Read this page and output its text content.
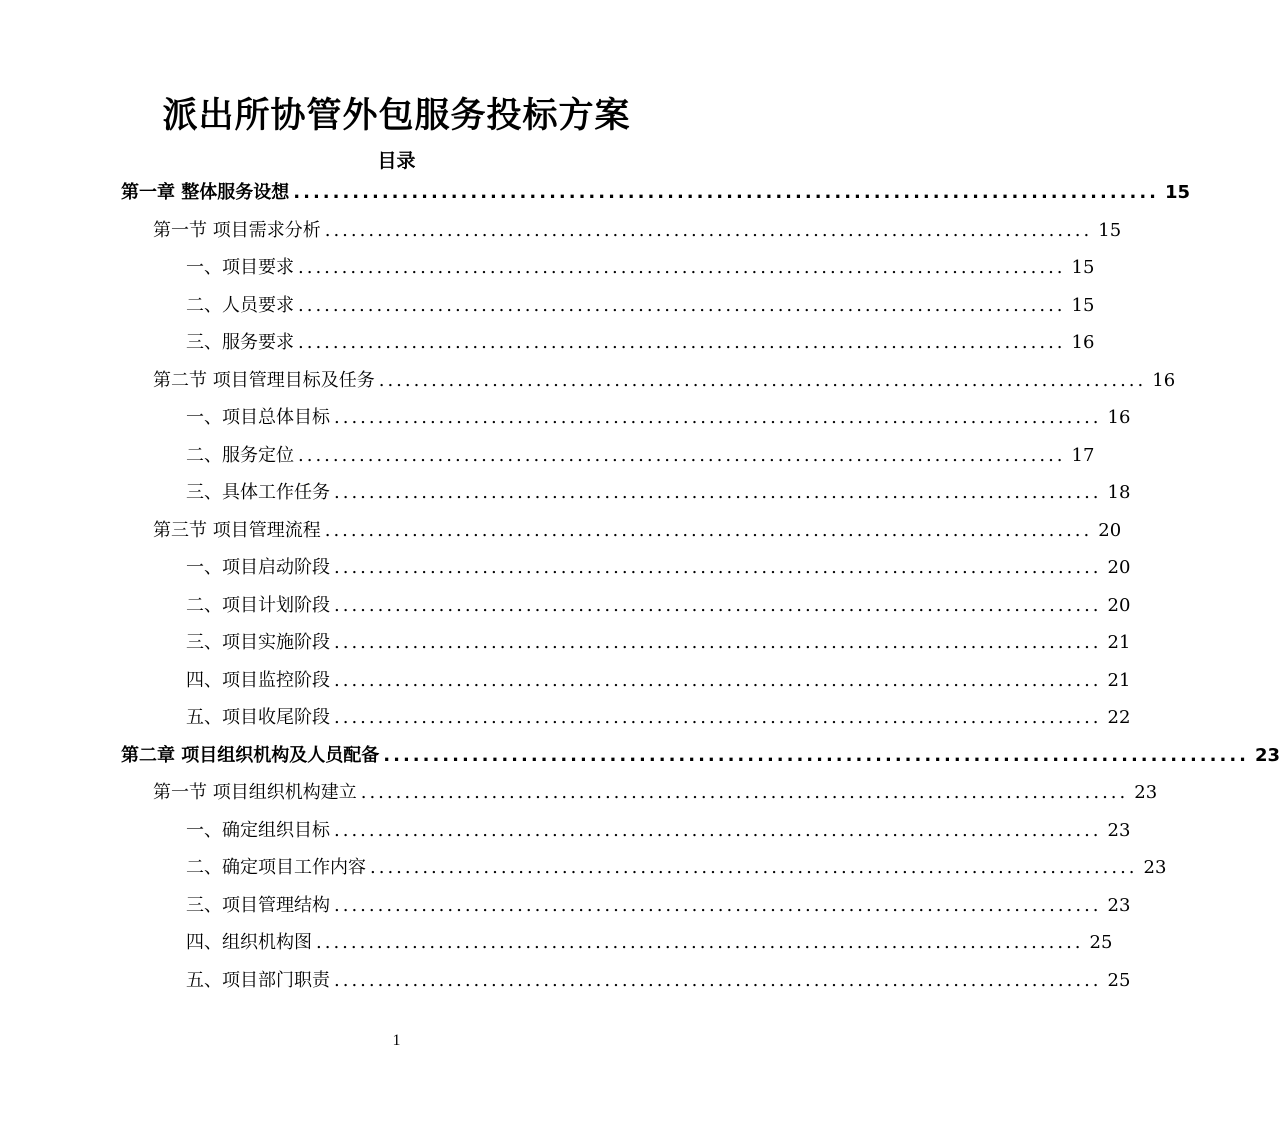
派出所协管外包服务投标方案
目录
第一章 整体服务设想 ........................................................................................ 15
第一节 项目需求分析 ........................................................................................ 15
一、项目要求 ........................................................................................ 15
二、人员要求 ........................................................................................ 15
三、服务要求 ........................................................................................ 16
第二节 项目管理目标及任务 ........................................................................................ 16
一、项目总体目标 ........................................................................................ 16
二、服务定位 ........................................................................................ 17
三、具体工作任务 ........................................................................................ 18
第三节 项目管理流程 ........................................................................................ 20
一、项目启动阶段 ........................................................................................ 20
二、项目计划阶段 ........................................................................................ 20
三、项目实施阶段 ........................................................................................ 21
四、项目监控阶段 ........................................................................................ 21
五、项目收尾阶段 ........................................................................................ 22
第二章 项目组织机构及人员配备 ........................................................................................ 23
第一节 项目组织机构建立 ........................................................................................ 23
一、确定组织目标 ........................................................................................ 23
二、确定项目工作内容 ........................................................................................ 23
三、项目管理结构 ........................................................................................ 23
四、组织机构图 ........................................................................................ 25
五、项目部门职责 ........................................................................................ 25
1
